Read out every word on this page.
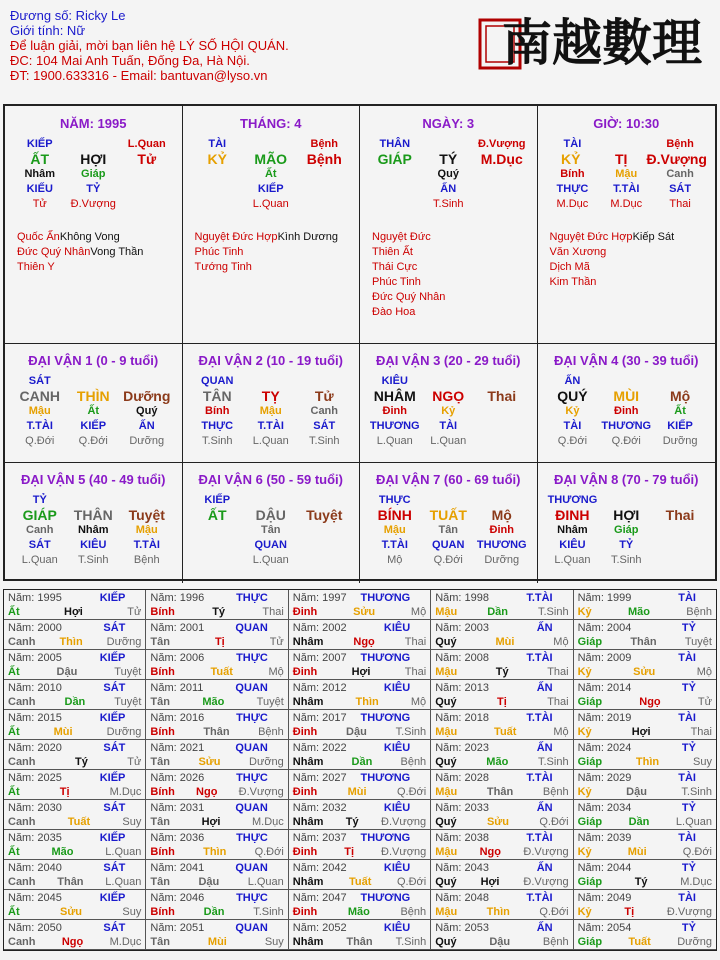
Đương số: Ricky Le
Giới tính: Nữ
Để luận giải, mời bạn liên hệ LÝ SỐ HỘI QUÁN.
ĐC: 104 Mai Anh Tuấn, Đống Đa, Hà Nội.
ĐT: 1900.633316 - Email: bantuvan@lyso.vn
南越數理
NĂM: 1995
KIẾP	L.Quan
ẤT	HỢI	Tử
Nhâm	Giáp
KIẾU	TỶ
Tử	Đ.Vượng
Quốc ẤnKhông Vong
Đức Quý NhânVong Thần
Thiên Y
THÁNG: 4
TÀI	Bệnh
KỶ	MÃO	Bệnh
Ất
KIẾP
L.Quan
Nguyệt Đức HợpKình Dương
Phúc Tinh
Tướng Tinh
NGÀY: 3
THÂN	Đ.Vượng
GIÁP	TÝ	M.Dục
Quý
ẤN
T.Sinh
Nguyệt Đức
Thiên Ất
Thái Cực
Phúc Tinh
Đức Quý Nhân
Đào Hoa
GIỜ: 10:30
TÀI	Bệnh
KỶ	TỊ	Đ.Vượng
Bính	Mậu	Canh
THỰC	T.TÀI	SÁT
M.Dục	M.Dục	Thai
Nguyệt Đức HợpKiếp Sát
Văn Xương
Dịch Mã
Kim Thần
ĐẠI VẬN 1 (0 - 9 tuổi)
SÁT
CANH	THÌN Dưỡng
Mậu	Ất	Quý
T.TÀI	KIẾP	ẤN
Q.Đới	Q.Đới	Dưỡng
ĐẠI VẬN 2 (10 - 19 tuổi)
QUAN
TÂN	TỴ	Tử
Bính	Mậu	Canh
THỰC	T.TÀI	SÁT
T.Sinh	L.Quan	T.Sinh
ĐẠI VẬN 3 (20 - 29 tuổi)
KIÊU
NHÂM	NGỌ	Thai
Đinh	Kỷ
THƯƠNG	TÀI
L.Quan	L.Quan
ĐẠI VẬN 4 (30 - 39 tuổi)
ẤN
QUÝ	MÙI	Mộ
Kỷ	Đinh	Ất
TÀI	THƯƠNG	KIẾP
Q.Đới	Q.Đới	Dưỡng
ĐẠI VẬN 5 (40 - 49 tuổi)
TỶ
GIÁP	THÂN	Tuyệt
Canh	Nhâm	Mậu
SÁT	KIÊU	T.TÀI
L.Quan	T.Sinh	Bệnh
ĐẠI VẬN 6 (50 - 59 tuổi)
KIẾP
ẤT	DẬU	Tuyệt
Tân
QUAN
L.Quan
ĐẠI VẬN 7 (60 - 69 tuổi)
THỰC
BÍNH	TUẤT	Mộ
Mậu	Tân	Đinh
T.TÀI	QUAN	THƯƠNG
Mộ	Q.Đới	Dưỡng
ĐẠI VẬN 8 (70 - 79 tuổi)
THƯƠNG
ĐINH	HỢI	Thai
Nhâm	Giáp
KIÊU	TỶ
L.Quan	T.Sinh
Năm: 1995	KIẾP
Ất	Hợi	Tử
Năm: 1996	THỰC
Bính	Tý	Thai
Năm: 1997 THƯƠNG
Đinh	Sửu	Mộ
Năm: 1998	T.TÀI
Mậu	Dần	T.Sinh
Năm: 1999	TÀI
Kỷ	Mão	Bệnh
Năm: 2000	SÁT
Canh Thìn Dưỡng
Năm: 2001	QUAN
Tân	Tị	Tử
Năm: 2002	KIÊU
Nhâm	Ngọ	Thai
Năm: 2003	ẤN
Quý	Mùi	Mộ
Năm: 2004	TỶ
Giáp	Thân	Tuyệt
Năm: 2005	KIẾP
Ất	Dậu	Tuyệt
Năm: 2006	THỰC
Bính	Tuất	Mộ
Năm: 2007 THƯƠNG
Đinh	Hợi	Thai
Năm: 2008	T.TÀI
Mậu	Tý	Thai
Năm: 2009	TÀI
Kỷ	Sửu	Mộ
Năm: 2010	SÁT
Canh	Dần	Tuyệt
Năm: 2011	QUAN
Tân	Mão	Tuyệt
Năm: 2012	KIÊU
Nhâm	Thìn	Mộ
Năm: 2013	ẤN
Quý	Tị	Thai
Năm: 2014	TỶ
Giáp	Ngọ	Tử
Năm: 2015	KIẾP
Ất	Mùi	Dưỡng
Năm: 2016	THỰC
Bính	Thân	Bệnh
Năm: 2017 THƯƠNG
Đinh	Dậu	T.Sinh
Năm: 2018	T.TÀI
Mậu	Tuất	Mộ
Năm: 2019	TÀI
Kỷ	Hợi	Thai
Năm: 2020	SÁT
Canh	Tý	Tử
Năm: 2021	QUAN
Tân	Sửu	Dưỡng
Năm: 2022	KIÊU
Nhâm	Dần	Bệnh
Năm: 2023	ẤN
Quý	Mão	T.Sinh
Năm: 2024	TỶ
Giáp	Thìn	Suy
Năm: 2025	KIẾP
Ất	Tị	M.Dục
Năm: 2026	THỰC
Bính Ngọ Đ.Vượng
Năm: 2027 THƯƠNG
Đinh	Mùi	Q.Đới
Năm: 2028	T.TÀI
Mậu	Thân	Bệnh
Năm: 2029	TÀI
Kỷ	Dậu	T.Sinh
Năm: 2030	SÁT
Canh	Tuất	Suy
Năm: 2031	QUAN
Tân	Hợi	M.Dục
Năm: 2032	KIÊU
Nhâm Tý Đ.Vượng
Năm: 2033	ẤN
Quý	Sửu	Q.Đới
Năm: 2034	TỶ
Giáp Dần L.Quan
Năm: 2035	KIẾP
Ất	Mão	L.Quan
Năm: 2036	THỰC
Bính	Thìn	Q.Đới
Năm: 2037 THƯƠNG
Đinh Tị Đ.Vượng
Năm: 2038	T.TÀI
Mậu Ngọ Đ.Vượng
Năm: 2039	TÀI
Kỷ	Mùi	Q.Đới
Năm: 2040	SÁT
Canh Thân L.Quan
Năm: 2041	QUAN
Tân	Dậu	L.Quan
Năm: 2042	KIÊU
Nhâm Tuất Q.Đới
Năm: 2043	ẤN
Quý Hợi Đ.Vượng
Năm: 2044	TỶ
Giáp	Tý	M.Dục
Năm: 2045	KIẾP
Ất	Sửu	Suy
Năm: 2046	THỰC
Bính	Dần	T.Sinh
Năm: 2047 THƯƠNG
Đinh	Mão	Bệnh
Năm: 2048	T.TÀI
Mậu	Thìn	Q.Đới
Năm: 2049	TÀI
Kỷ	Tị	Đ.Vượng
Năm: 2050	SÁT
Canh Ngọ M.Dục
Năm: 2051	QUAN
Tân	Mùi	Suy
Năm: 2052	KIÊU
Nhâm Thân T.Sinh
Năm: 2053	ẤN
Quý	Dậu	Bệnh
Năm: 2054	TỶ
Giáp Tuất Dưỡng
